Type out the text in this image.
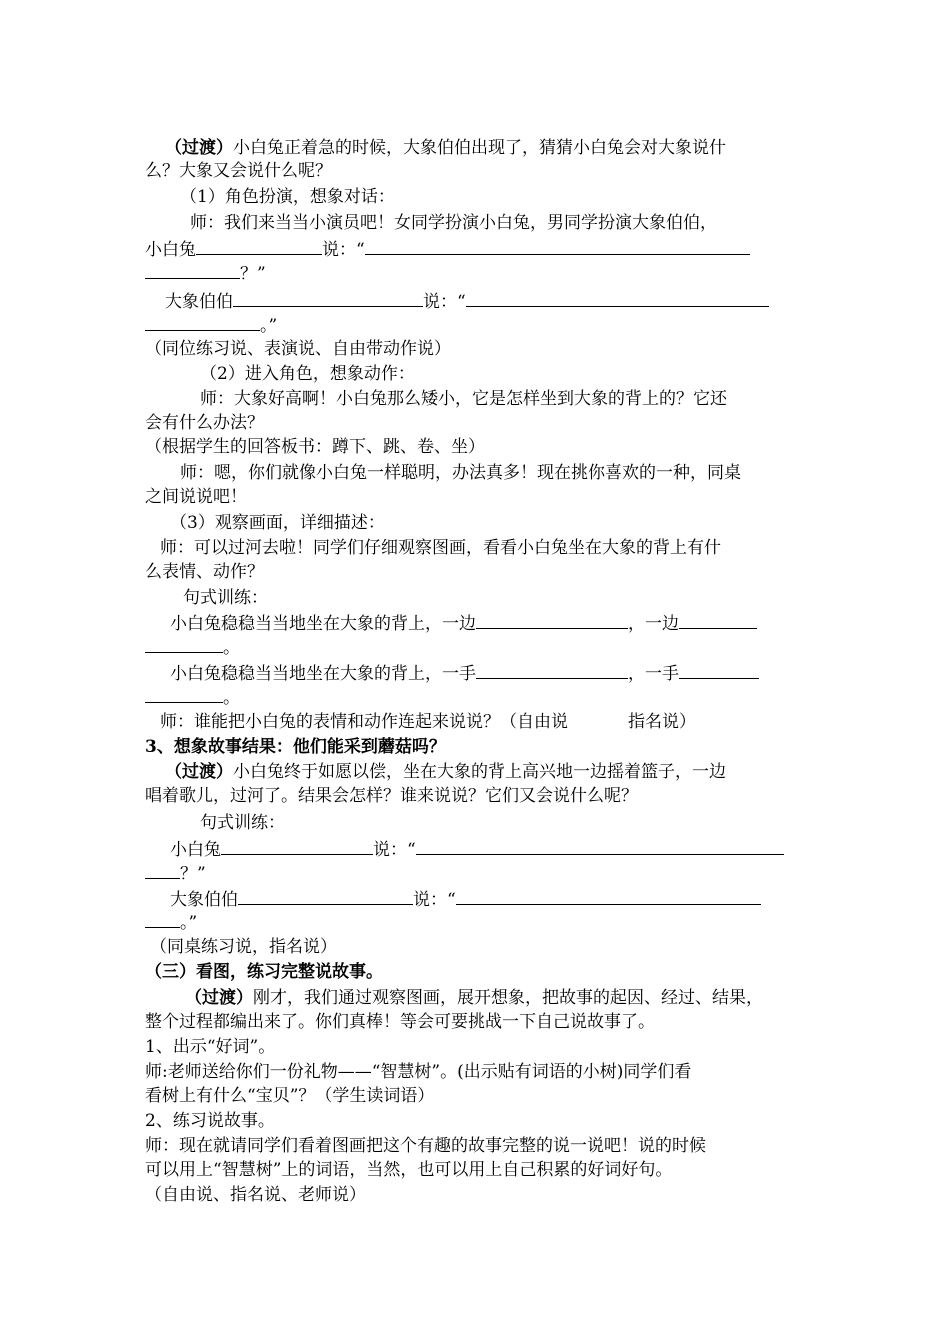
（过渡）小白兔正着急的时候，大象伯伯出现了，猜猜小白兔会对大象说什
么？大象又会说什么呢？
（1）角色扮演，想象对话：
师：我们来当当小演员吧！女同学扮演小白兔，男同学扮演大象伯伯，
小白兔	说：“
？”
大象伯伯	说：“
。”
（同位练习说、表演说、自由带动作说）
（2）进入角色，想象动作：
师：大象好高啊！小白兔那么矮小，它是怎样坐到大象的背上的？它还
会有什么办法？
（根据学生的回答板书：蹲下、跳、卷、坐）
师：嗯，你们就像小白兔一样聪明，办法真多！现在挑你喜欢的一种，同桌
之间说说吧！
（3）观察画面，详细描述：
师：可以过河去啦！同学们仔细观察图画，看看小白兔坐在大象的背上有什
么表情、动作？
句式训练：
小白兔稳稳当当地坐在大象的背上，一边	，一边
。
小白兔稳稳当当地坐在大象的背上，一手	，一手
。
师：谁能把小白兔的表情和动作连起来说说？（自由说	指名说）
3、想象故事结果：他们能采到蘑菇吗？
（过渡）小白兔终于如愿以偿，坐在大象的背上高兴地一边摇着篮子，一边
唱着歌儿，过河了。结果会怎样？谁来说说？它们又会说什么呢？
句式训练：
小白兔	说：“
？”
大象伯伯	说：“
。”
（同桌练习说，指名说）
（三）看图，练习完整说故事。
（过渡）刚才，我们通过观察图画，展开想象，把故事的起因、经过、结果，
整个过程都编出来了。你们真棒！等会可要挑战一下自己说故事了。
1、出示“好词”。
师:老师送给你们一份礼物——“智慧树”。(出示贴有词语的小树)同学们看
看树上有什么“宝贝”？（学生读词语）
2、练习说故事。
师：现在就请同学们看着图画把这个有趣的故事完整的说一说吧！说的时候
可以用上“智慧树”上的词语，当然，也可以用上自己积累的好词好句。
（自由说、指名说、老师说）
